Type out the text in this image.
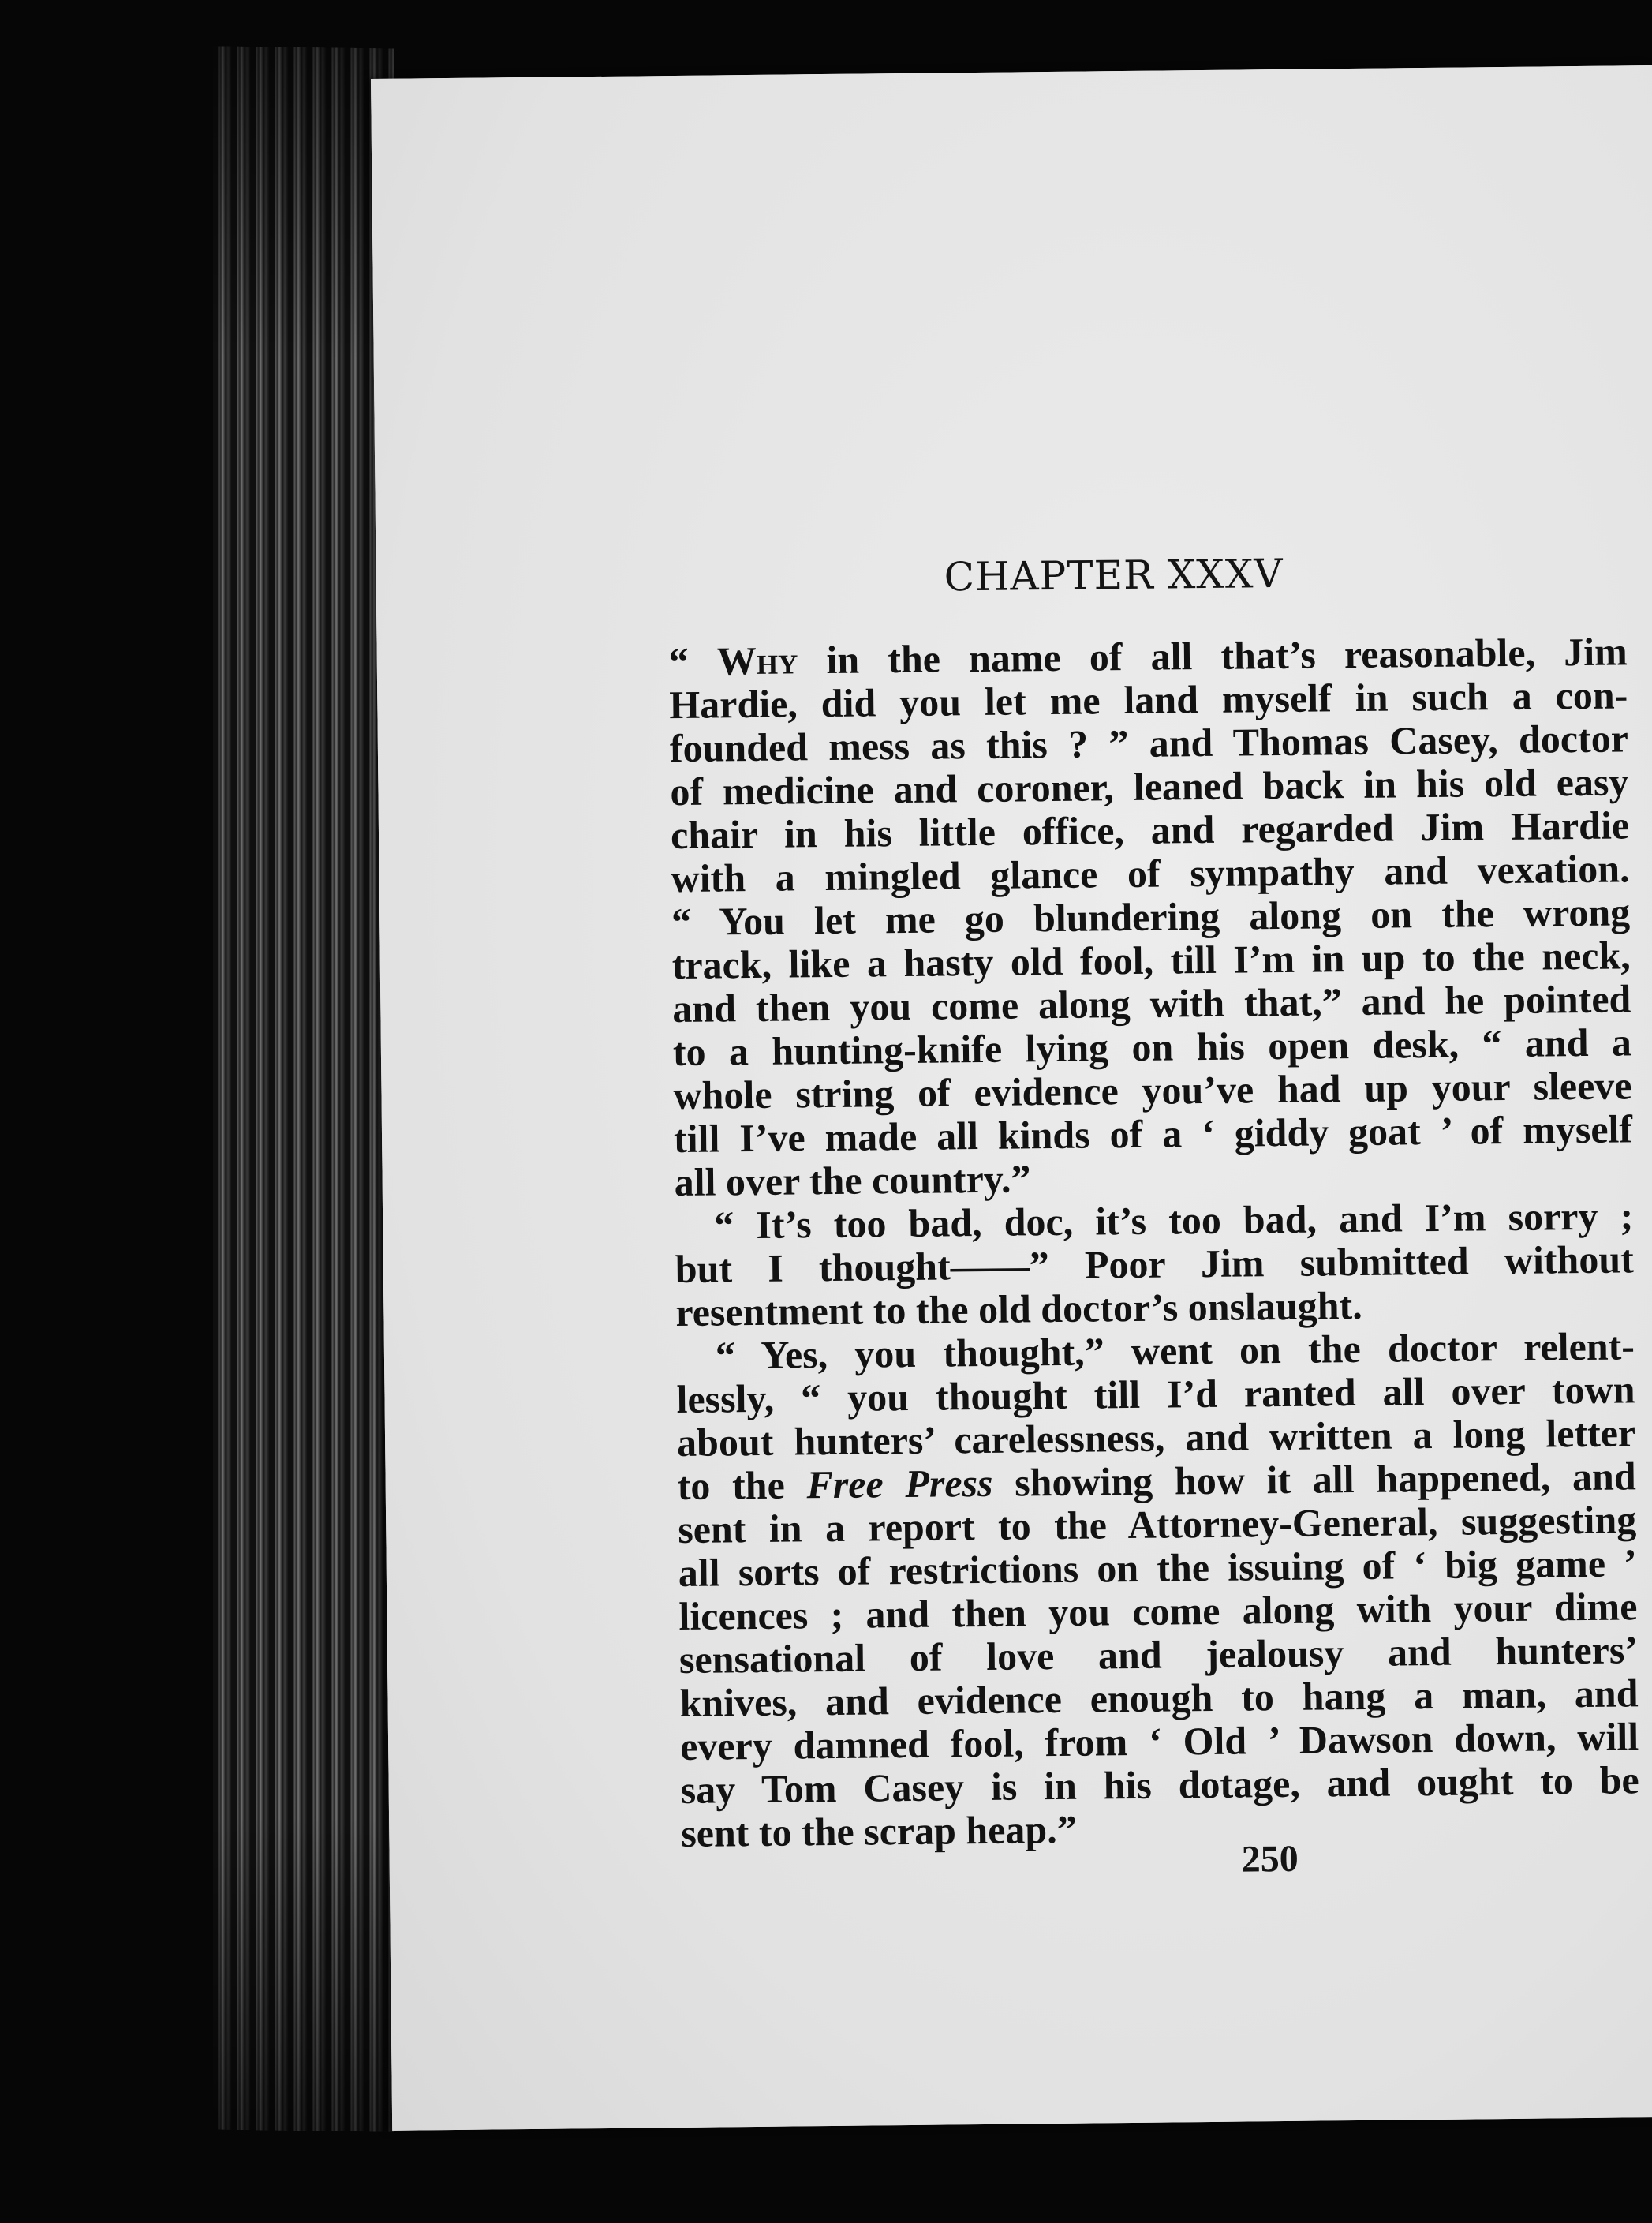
CHAPTER XXXV
“ Why in the name of all that’s reasonable, Jim
Hardie, did you let me land myself in such a con-
founded mess as this ? ” and Thomas Casey, doctor
of medicine and coroner, leaned back in his old easy
chair in his little office, and regarded Jim Hardie
with a mingled glance of sympathy and vexation.
“ You let me go blundering along on the wrong
track, like a hasty old fool, till I’m in up to the neck,
and then you come along with that,” and he pointed
to a hunting-knife lying on his open desk, “ and a
whole string of evidence you’ve had up your sleeve
till I’ve made all kinds of a ‘ giddy goat ’ of myself
all over the country.”
“ It’s too bad, doc, it’s too bad, and I’m sorry ;
but I thought——” Poor Jim submitted without
resentment to the old doctor’s onslaught.
“ Yes, you thought,” went on the doctor relent-
lessly, “ you thought till I’d ranted all over town
about hunters’ carelessness, and written a long letter
to the Free Press showing how it all happened, and
sent in a report to the Attorney-General, suggesting
all sorts of restrictions on the issuing of ‘ big game ’
licences ; and then you come along with your dime
sensational of love and jealousy and hunters’
knives, and evidence enough to hang a man, and
every damned fool, from ‘ Old ’ Dawson down, will
say Tom Casey is in his dotage, and ought to be
sent to the scrap heap.”
250
